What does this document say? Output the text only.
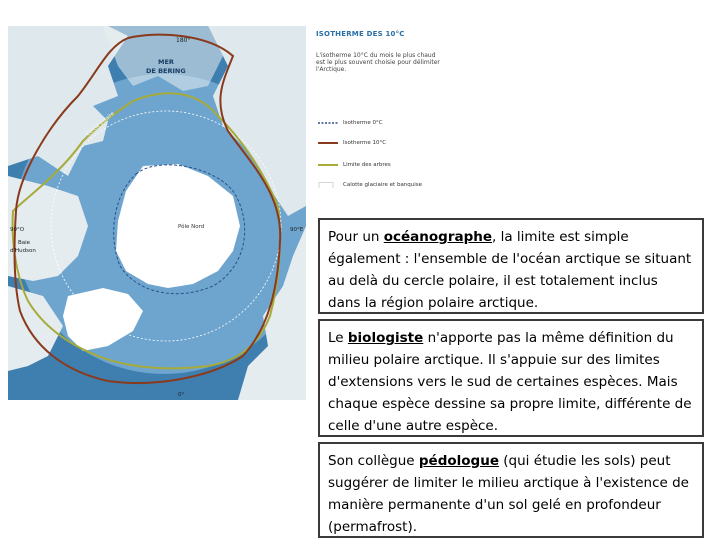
180°
MER
DE BERING
Cercle polaire
Pôle Nord
90°O
Baie
d'Hudson
90°E
0°
ISOTHERME DES 10°C
L'isotherme 10°C du mois le plus chaud est le plus souvent choisie pour délimiter l'Arctique.
Isotherme 0°C
Isotherme 10°C
Limite des arbres
Calotte glaciaire et banquise
Pour un océanographe, la limite est simple également : l'ensemble de l'océan arctique se situant au delà du cercle polaire, il est totalement inclus dans la région polaire arctique.
Le biologiste n'apporte pas la même définition du milieu polaire arctique. Il s'appuie sur des limites d'extensions vers le sud de certaines espèces. Mais chaque espèce dessine sa propre limite, différente de celle d'une autre espèce.
Son collègue pédologue (qui étudie les sols) peut suggérer de limiter le milieu arctique à l'existence de manière permanente d'un sol gelé en profondeur (permafrost).
